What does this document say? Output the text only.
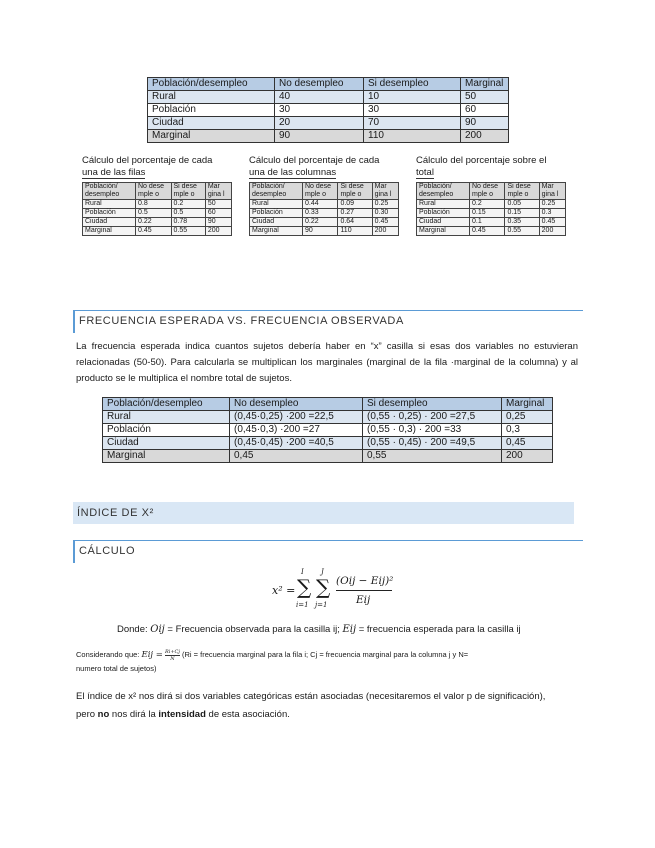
Población/desempleo	No desempleo	Si desempleo	Marginal
Rural	40	10	50
Población	30	30	60
Ciudad	20	70	90
Marginal	90	110	200
Cálculo del porcentaje de cada
una de las filas
Población/ desempleo	No dese mple o	Si dese mple o	Mar gina l
Rural	0.8	0.2	50
Población	0.5	0.5	60
Ciudad	0.22	0.78	90
Marginal	0.45	0.55	200
Cálculo del porcentaje de cada
una de las columnas
Población/ desempleo	No dese mple o	Si dese mple o	Mar gina l
Rural	0.44	0.09	0.25
Población	0.33	0.27	0.30
Ciudad	0.22	0.64	0.45
Marginal	90	110	200
Cálculo del porcentaje sobre el
total
Población/ desempleo	No dese mple o	Si dese mple o	Mar gina l
Rural	0.2	0.05	0.25
Población	0.15	0.15	0.3
Ciudad	0.1	0.35	0.45
Marginal	0.45	0.55	200
FRECUENCIA ESPERADA VS. FRECUENCIA OBSERVADA
La frecuencia esperada indica cuantos sujetos debería haber en “x” casilla si esas dos variables no estuvieran relacionadas (50-50). Para calcularla se multiplican los marginales (marginal de la fila ·marginal de la columna) y al producto se le multiplica el nombre total de sujetos.
Población/desempleo	No desempleo	Si desempleo	Marginal
Rural	(0,45·0,25) ·200 =22,5	(0,55 · 0,25) · 200 =27,5	0,25
Población	(0,45·0,3) ·200 =27	(0,55 · 0,3) · 200 =33	0,3
Ciudad	(0,45·0,45) ·200 =40,5	(0,55 · 0,45) · 200 =49,5	0,45
Marginal	0,45	0,55	200
ÍNDICE DE X²
CÁLCULO
x² =
I
∑
i=1
J
∑
j=1
(Oij − Eij)²
Eij
Donde: Oij = Frecuencia observada para la casilla ij; Eij = frecuencia esperada para la casilla ij
Considerando que: Eij = $\frac{Ri+Cj}{N} (Ri$ = frecuencia marginal para la fila i; Cj = frecuencia marginal para la columna j y N=
numero total de sujetos)
El índice de x² nos dirá si dos variables categóricas están asociadas (necesitaremos el valor p de significación),
pero no nos dirá la intensidad de esta asociación.
